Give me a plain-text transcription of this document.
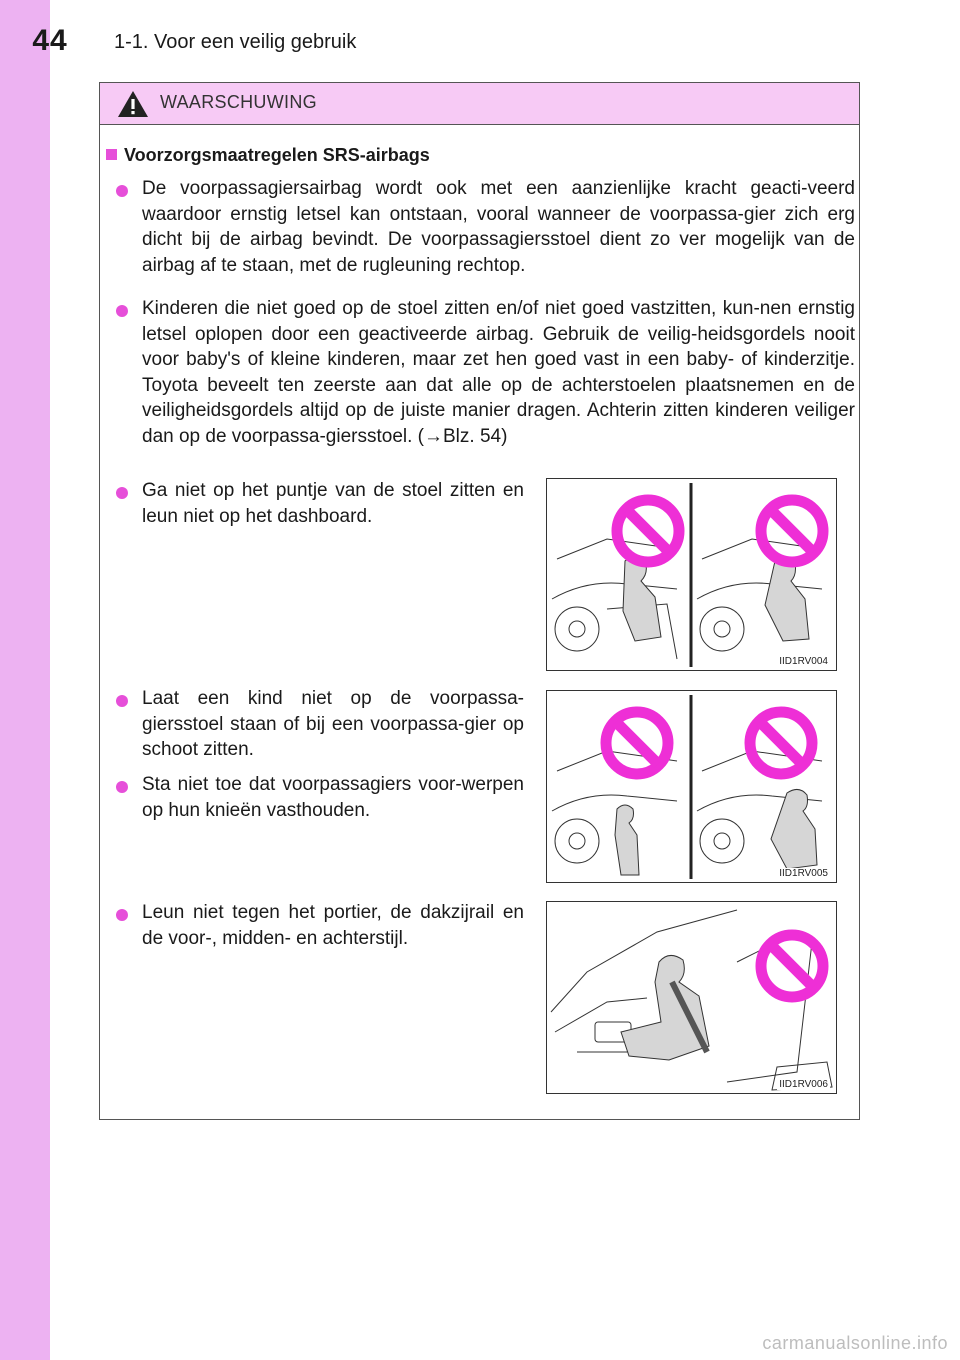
44	1-1. Voor een veilig gebruik
WAARSCHUWING
Voorzorgsmaatregelen SRS-airbags
De voorpassagiersairbag wordt ook met een aanzienlijke kracht geacti-veerd waardoor ernstig letsel kan ontstaan, vooral wanneer de voorpassa-gier zich erg dicht bij de airbag bevindt. De voorpassagiersstoel dient zo ver mogelijk van de airbag af te staan, met de rugleuning rechtop.
Kinderen die niet goed op de stoel zitten en/of niet goed vastzitten, kun-nen ernstig letsel oplopen door een geactiveerde airbag. Gebruik de veilig-heidsgordels nooit voor baby's of kleine kinderen, maar zet hen goed vast in een baby- of kinderzitje. Toyota beveelt ten zeerste aan dat alle op de achterstoelen plaatsnemen en de veiligheidsgordels altijd op de juiste manier dragen. Achterin zitten kinderen veiliger dan op de voorpassa-giersstoel. (→Blz. 54)
Ga niet op het puntje van de stoel zitten en leun niet op het dashboard.
Laat een kind niet op de voorpassa-giersstoel staan of bij een voorpassa-gier op schoot zitten.
Sta niet toe dat voorpassagiers voor-werpen op hun knieën vasthouden.
Leun niet tegen het portier, de dakzijrail en de voor-, midden- en achterstijl.
IID1RV004
IID1RV005
IID1RV006
carmanualsonline.info
